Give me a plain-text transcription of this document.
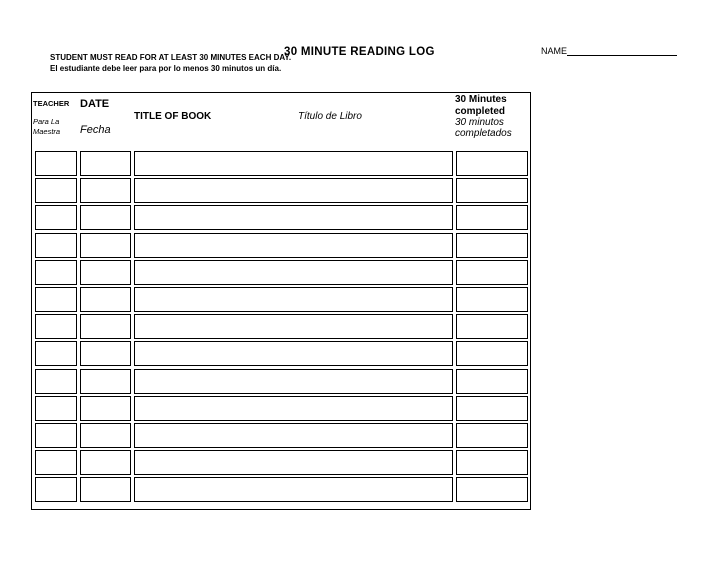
30 MINUTE READING LOG	NAME
STUDENT MUST READ FOR AT LEAST 30 MINUTES EACH DAY.
El estudiante debe leer para por lo menos 30 minutos un día.
TEACHER
Para La
Maestra
DATE
Fecha
TITLE OF BOOK	Título de Libro
30 Minutes
completed
30 minutos
completados
